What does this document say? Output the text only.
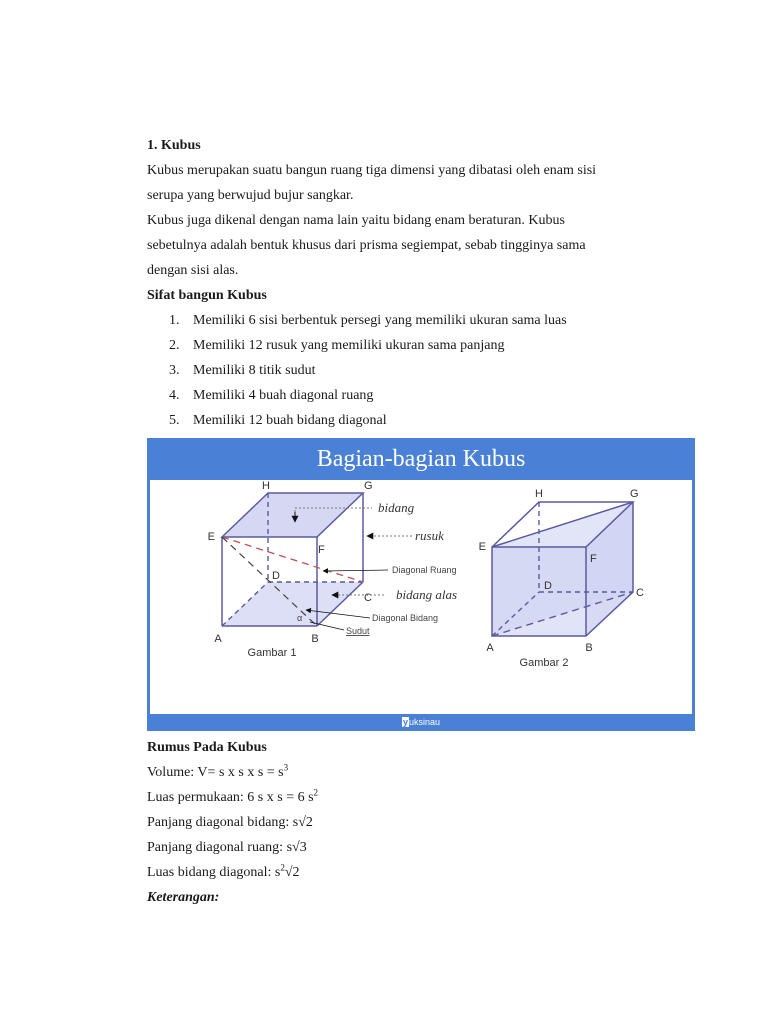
1. Kubus
Kubus merupakan suatu bangun ruang tiga dimensi yang dibatasi oleh enam sisi
serupa yang berwujud bujur sangkar.
Kubus juga dikenal dengan nama lain yaitu bidang enam beraturan. Kubus
sebetulnya adalah bentuk khusus dari prisma segiempat, sebab tingginya sama
dengan sisi alas.
Sifat bangun Kubus
1. Memiliki 6 sisi berbentuk persegi yang memiliki ukuran sama luas
2. Memiliki 12 rusuk yang memiliki ukuran sama panjang
3. Memiliki 8 titik sudut
4. Memiliki 4 buah diagonal ruang
5. Memiliki 12 buah bidang diagonal
Bagian-bagian Kubus
E
F
G
H
D
C
A	B
α
bidang
rusuk
Diagonal Ruang
bidang alas
Diagonal Bidang
Sudut
Gambar 1
H	G
E
F
D
C
A	B
Gambar 2
yuksinau
Rumus Pada Kubus
Volume: V= s x s x $s = s^3$
Luas permukaan: 6 s x s = 6 $s^2$
Panjang diagonal bidang: s√2
Panjang diagonal ruang: s√3
Luas bidang diagonal: $s^2√2$
Keterangan:
